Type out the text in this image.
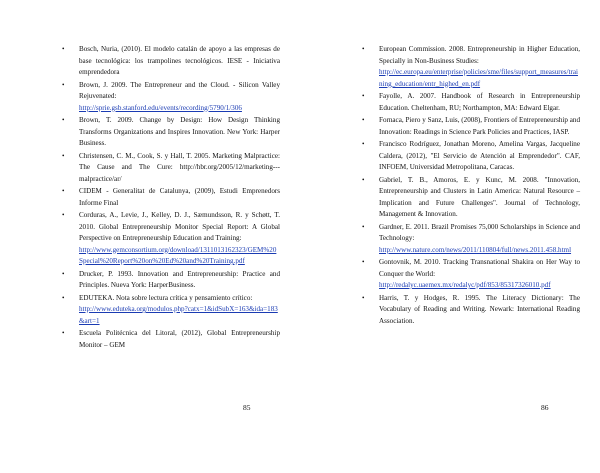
• Bosch, Nuria, (2010). El modelo catalán de apoyo a las empresas de base tecnológica: los trampolines tecnológicos. IESE - Iniciativa emprendedora
• Brown, J. 2009. The Entrepreneur and the Cloud. - Silicon Valley Rejuvenated:
http://sprie.gsb.stanford.edu/events/recording/5790/1/306
• Brown, T. 2009. Change by Design: How Design Thinking Transforms Organizations and Inspires Innovation. New York: Harper Business.
• Christensen, C. M., Cook, S. y Hall, T. 2005. Marketing Malpractice: The Cause and The Cure: http://hbr.org/2005/12/marketing---malpractice/ar/
• CIDEM - Generalitat de Catalunya, (2009), Estudi Emprenedors Informe Final
• Corduras, A., Levie, J., Kelley, D. J., Sæmundsson, R. y Schøtt, T. 2010. Global Entrepreneurship Monitor Special Report: A Global Perspective on Entrepreneurship Education and Training:
http://www.gemconsortium.org/download/1311013162323/GEM%20Special%20Report%20on%20Ed%20and%20Training.pdf
• Drucker, P. 1993. Innovation and Entrepreneurship: Practice and Principles. Nueva York: HarperBusiness.
• EDUTEKA. Nota sobre lectura crítica y pensamiento crítico:
http://www.eduteka.org/modulos.php?catx=1&idSubX=163&ida=183&art=1
• Escuela Politécnica del Litoral, (2012), Global Entrepreneurship Monitor – GEM
• European Commission. 2008. Entrepreneurship in Higher Education, Specially in Non-Business Studies:
http://ec.europa.eu/enterprise/policies/sme/files/support_measures/training_education/entr_highed_en.pdf
• Fayolle, A. 2007. Handbook of Research in Entrepreneurship Education. Cheltenham, RU; Northampton, MA: Edward Elgar.
• Fornaca, Piero y Sanz, Luis, (2008), Frontiers of Entrepreneurship and Innovation: Readings in Science Park Policies and Practices, IASP.
• Francisco Rodríguez, Jonathan Moreno, Amelina Vargas, Jacqueline Caldera, (2012), "El Servicio de Atención al Emprendedor". CAF, INFOEM, Universidad Metropolitana, Caracas.
• Gabriel, T. B., Amoros, E. y Kunc, M. 2008. "Innovation, Entrepreneurship and Clusters in Latin America: Natural Resource – Implication and Future Challenges". Journal of Technology, Management & Innovation.
• Gardner, E. 2011. Brazil Promises 75,000 Scholarships in Science and Technology:
http://www.nature.com/news/2011/110804/full/news.2011.458.html
• Gontovnik, M. 2010. Tracking Transnational Shakira on Her Way to Conquer the World:
http://redalyc.uaemex.mx/redalyc/pdf/853/85317326010.pdf
• Harris, T. y Hodges, R. 1995. The Literacy Dictionary: The Vocabulary of Reading and Writing. Newark: International Reading Association.
85	86
